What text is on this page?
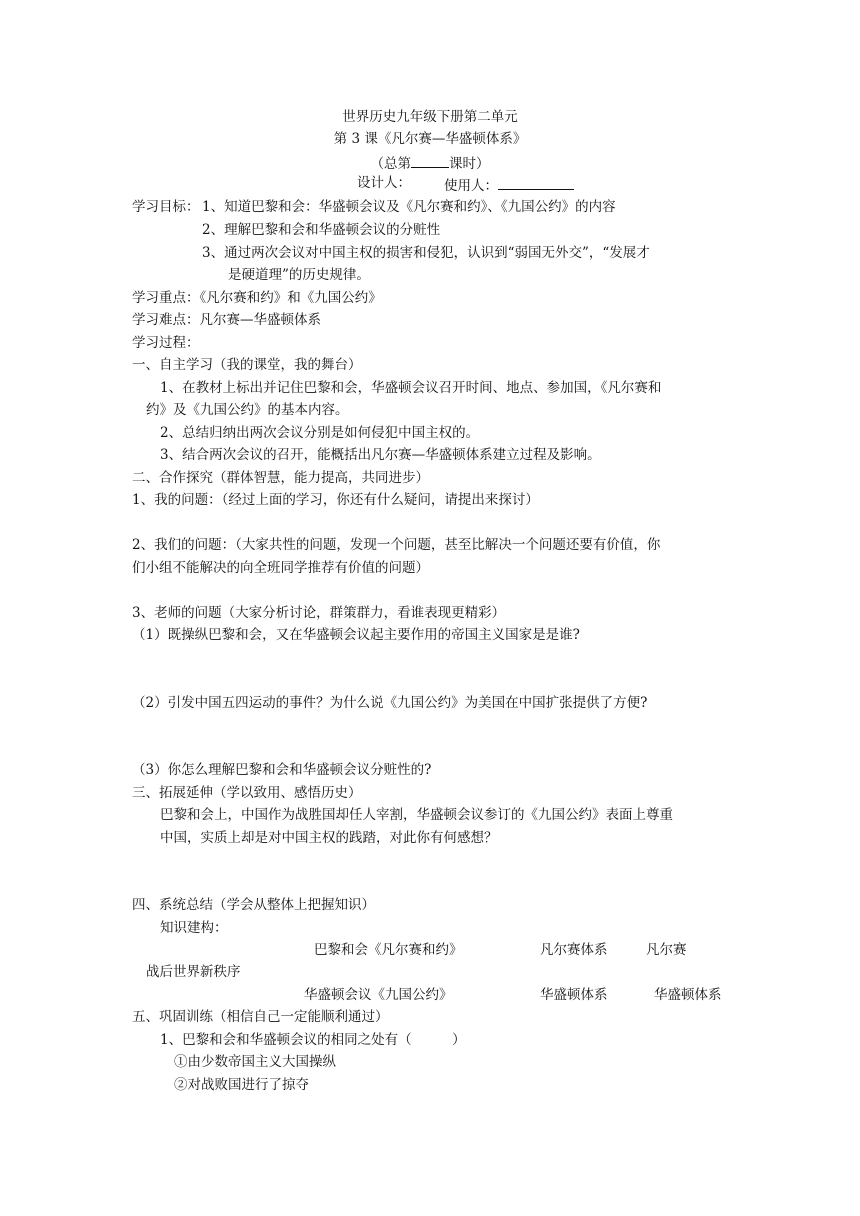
世界历史九年级下册第二单元
第 3 课《凡尔赛—华盛顿体系》
（总第	课时）
设计人： 使用人：
学习目标： 1、知道巴黎和会：华盛顿会议及《凡尔赛和约》、《九国公约》的内容
2、理解巴黎和会和华盛顿会议的分赃性
3、通过两次会议对中国主权的损害和侵犯，认识到“弱国无外交”，“发展才
是硬道理”的历史规律。
学习重点：《凡尔赛和约》和《九国公约》
学习难点：凡尔赛—华盛顿体系
学习过程：
一、自主学习（我的课堂，我的舞台）
1、在教材上标出并记住巴黎和会，华盛顿会议召开时间、地点、参加国，《凡尔赛和
约》及《九国公约》的基本内容。
2、总结归纳出两次会议分别是如何侵犯中国主权的。
3、结合两次会议的召开，能概括出凡尔赛—华盛顿体系建立过程及影响。
二、合作探究（群体智慧，能力提高，共同进步）
1、我的问题：（经过上面的学习，你还有什么疑问，请提出来探讨）
2、我们的问题：（大家共性的问题，发现一个问题，甚至比解决一个问题还要有价值，你
们小组不能解决的向全班同学推荐有价值的问题）
3、老师的问题（大家分析讨论，群策群力，看谁表现更精彩）
（1）既操纵巴黎和会，又在华盛顿会议起主要作用的帝国主义国家是是谁?
（2）引发中国五四运动的事件？为什么说《九国公约》为美国在中国扩张提供了方便?
（3）你怎么理解巴黎和会和华盛顿会议分赃性的?
三、拓展延伸（学以致用、感悟历史）
巴黎和会上，中国作为战胜国却任人宰割，华盛顿会议参订的《九国公约》表面上尊重
中国，实质上却是对中国主权的践踏，对此你有何感想？
四、系统总结（学会从整体上把握知识）
知识建构：
巴黎和会《凡尔赛和约》	凡尔赛体系	凡尔赛
战后世界新秩序
华盛顿会议《九国公约》	华盛顿体系	华盛顿体系
五、巩固训练（相信自己一定能顺利通过）
1、巴黎和会和华盛顿会议的相同之处有（　　　）
①由少数帝国主义大国操纵
②对战败国进行了掠夺
